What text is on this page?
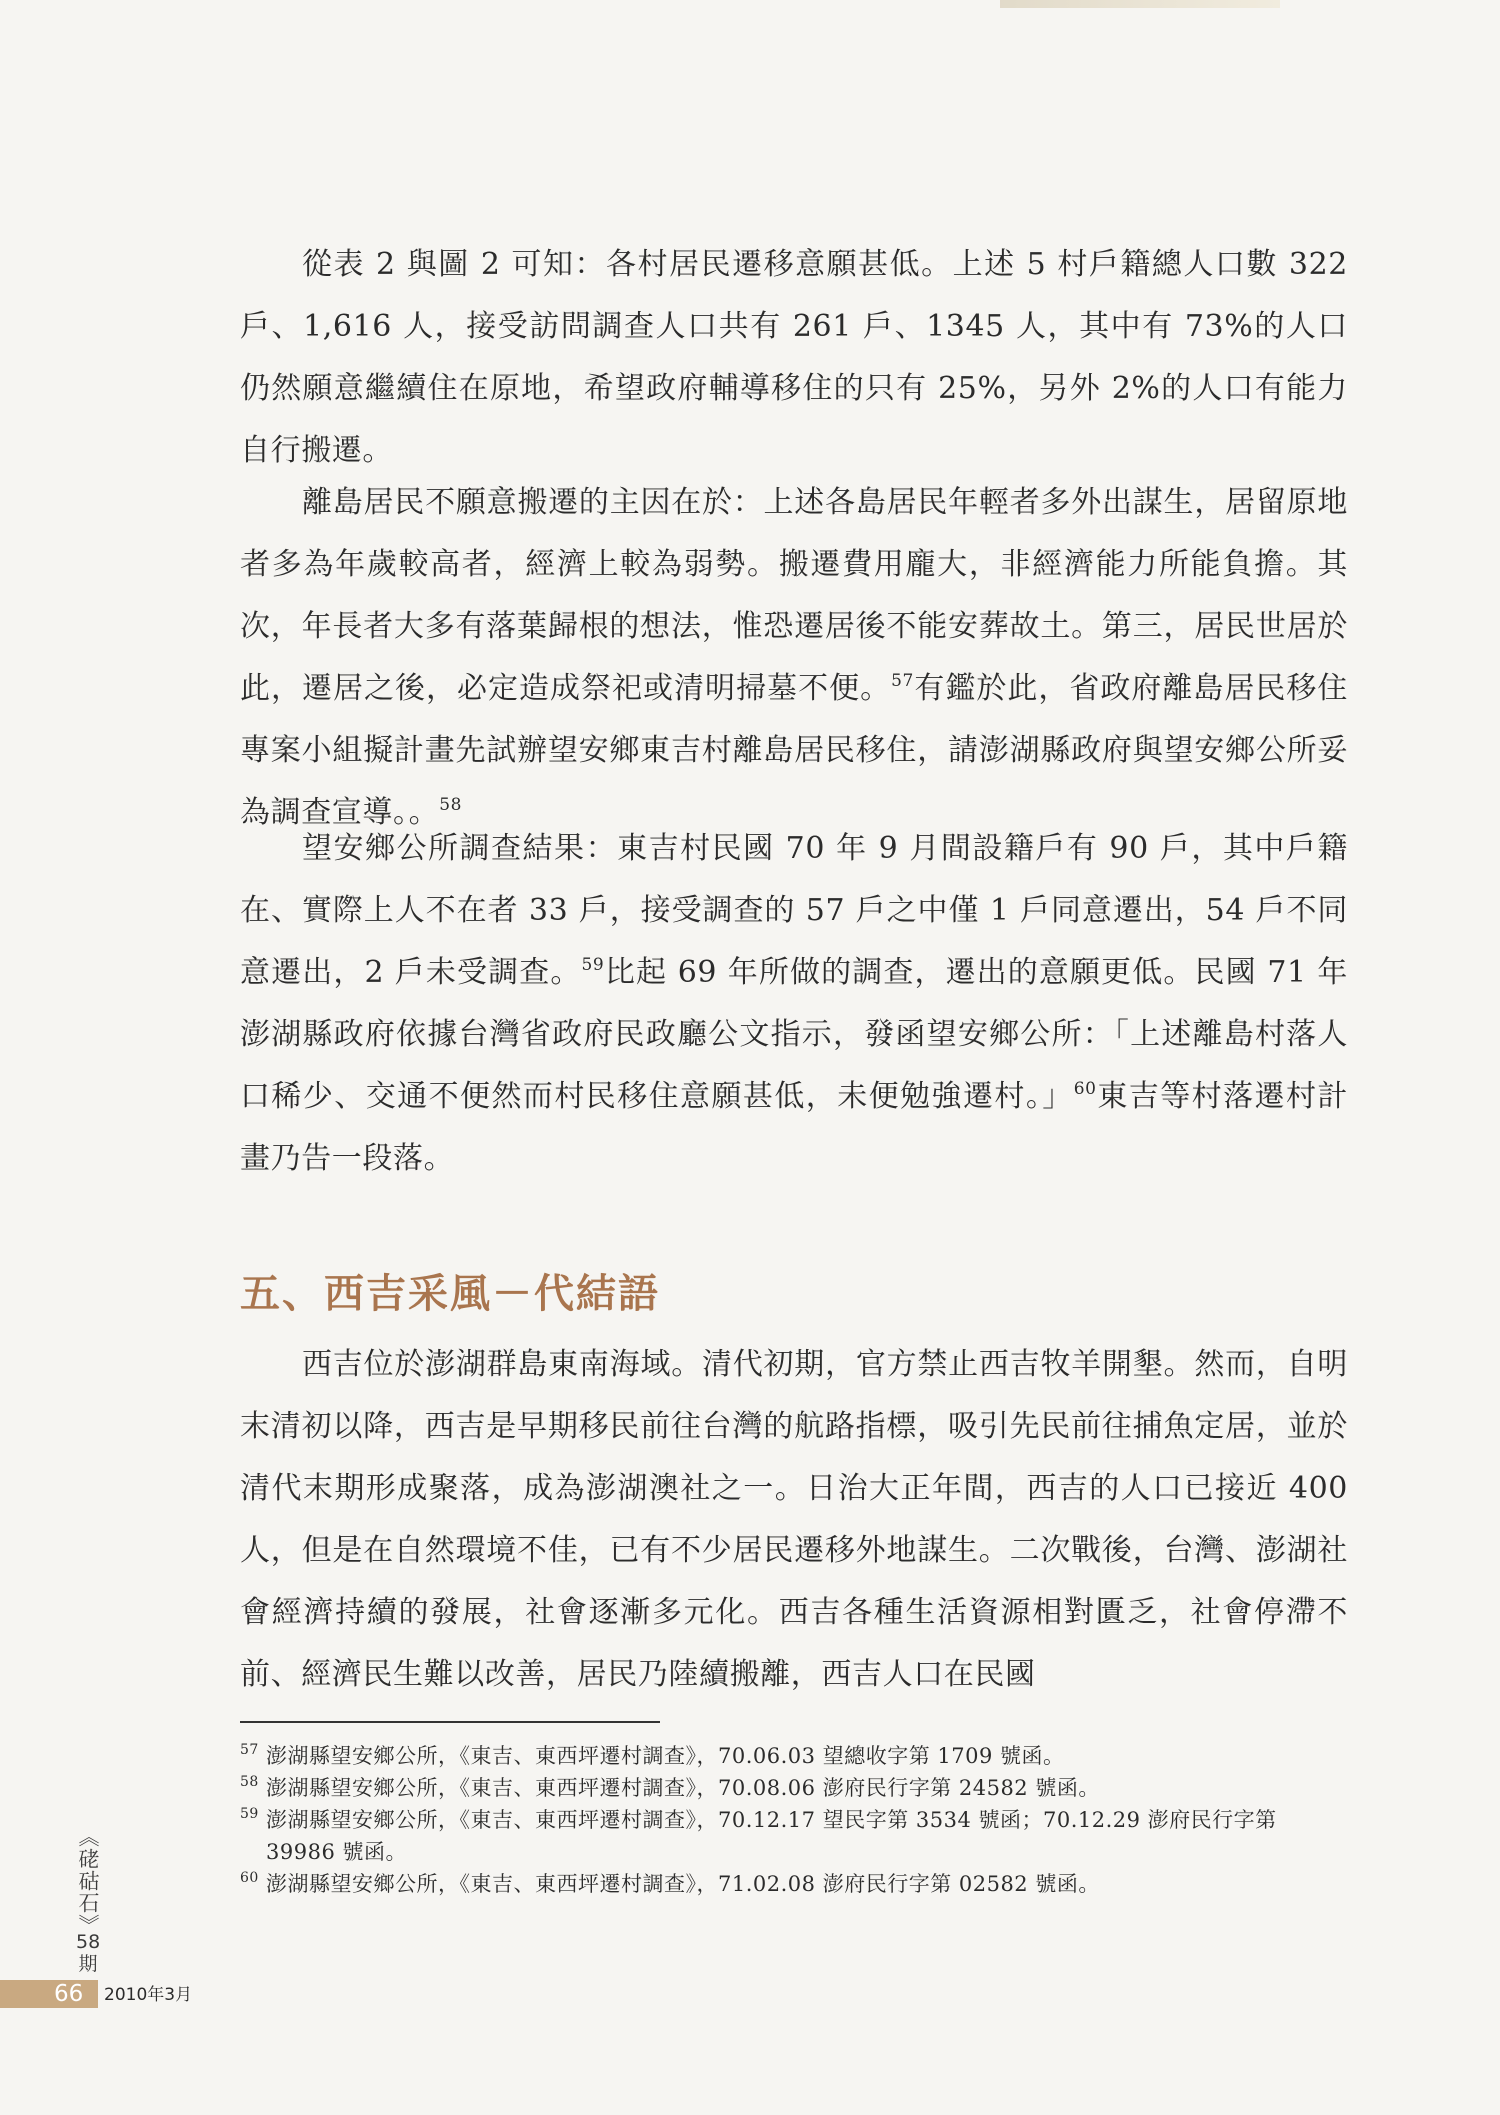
從表 2 與圖 2 可知：各村居民遷移意願甚低。上述 5 村戶籍總人口數 322 戶、1,616 人，接受訪問調查人口共有 261 戶、1345 人，其中有 73%的人口仍然願意繼續住在原地，希望政府輔導移住的只有 25%，另外 2%的人口有能力自行搬遷。

離島居民不願意搬遷的主因在於：上述各島居民年輕者多外出謀生，居留原地者多為年歲較高者，經濟上較為弱勢。搬遷費用龐大，非經濟能力所能負擔。其次，年長者大多有落葉歸根的想法，惟恐遷居後不能安葬故土。第三，居民世居於此，遷居之後，必定造成祭祀或清明掃墓不便。$^{57}$有鑑於此，省政府離島居民移住專案小組擬計畫先試辦望安鄉東吉村離島居民移住，請澎湖縣政府與望安鄉公所妥為調查宣導。。$^{58}$

望安鄉公所調查結果：東吉村民國 70 年 9 月間設籍戶有 90 戶，其中戶籍在、實際上人不在者 33 戶，接受調查的 57 戶之中僅 1 戶同意遷出，54 戶不同意遷出，2 戶未受調查。$^{59}$比起 69 年所做的調查，遷出的意願更低。民國 71 年澎湖縣政府依據台灣省政府民政廳公文指示，發函望安鄉公所：「上述離島村落人口稀少、交通不便然而村民移住意願甚低，未便勉強遷村。」$^{60}$東吉等村落遷村計畫乃告一段落。

五、西吉采風－代結語

西吉位於澎湖群島東南海域。清代初期，官方禁止西吉牧羊開墾。然而，自明末清初以降，西吉是早期移民前往台灣的航路指標，吸引先民前往捕魚定居，並於清代末期形成聚落，成為澎湖澳社之一。日治大正年間，西吉的人口已接近 400 人，但是在自然環境不佳，已有不少居民遷移外地謀生。二次戰後，台灣、澎湖社會經濟持續的發展，社會逐漸多元化。西吉各種生活資源相對匱乏，社會停滯不前、經濟民生難以改善，居民乃陸續搬離，西吉人口在民國

57 澎湖縣望安鄉公所，《東吉、東西坪遷村調查》，70.06.03 望總收字第 1709 號函。
58 澎湖縣望安鄉公所，《東吉、東西坪遷村調查》，70.08.06 澎府民行字第 24582 號函。
59 澎湖縣望安鄉公所，《東吉、東西坪遷村調查》，70.12.17 望民字第 3534 號函；70.12.29 澎府民行字第 39986 號函。
60 澎湖縣望安鄉公所，《東吉、東西坪遷村調查》，71.02.08 澎府民行字第 02582 號函。
《硓𥑮石》
58期
66 2010年3月
